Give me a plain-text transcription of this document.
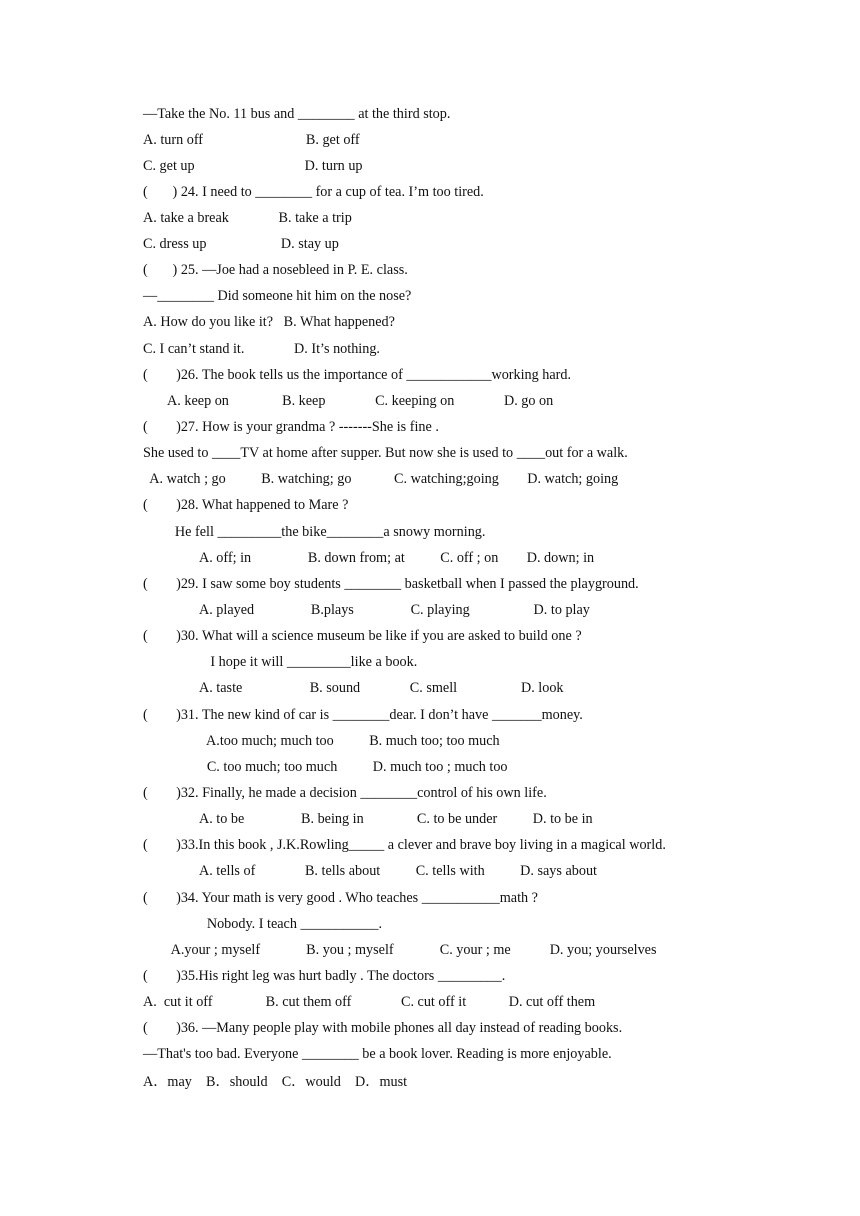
—Take the No. 11 bus and ________ at the third stop.
A. turn off                             B. get off
C. get up                               D. turn up
(       ) 24. I need to ________ for a cup of tea. I’m too tired.
A. take a break              B. take a trip
C. dress up                     D. stay up
(       ) 25. —Joe had a nosebleed in P. E. class.
—________ Did someone hit him on the nose?
A. How do you like it?   B. What happened?
C. I can’t stand it.              D. It’s nothing.
(        )26. The book tells us the importance of ____________working hard.
A. keep on               B. keep              C. keeping on              D. go on
(        )27. How is your grandma ? -------She is fine .
She used to ____TV at home after supper. But now she is used to ____out for a walk.
A. watch ; go          B. watching; go            C. watching;going        D. watch; going
(        )28. What happened to Mare ?
He fell _________the bike________a snowy morning.
A. off; in                B. down from; at          C. off ; on        D. down; in
(        )29. I saw some boy students ________ basketball when I passed the playground.
A. played                B.plays                C. playing                  D. to play
(        )30. What will a science museum be like if you are asked to build one ?
I hope it will _________like a book.
A. taste                   B. sound              C. smell                  D. look
(        )31. The new kind of car is ________dear. I don’t have _______money.
A.too much; much too          B. much too; too much
C. too much; too much          D. much too ; much too
(        )32. Finally, he made a decision ________control of his own life.
A. to be                B. being in               C. to be under          D. to be in
(        )33.In this book , J.K.Rowling_____ a clever and brave boy living in a magical world.
A. tells of              B. tells about          C. tells with          D. says about
(        )34. Your math is very good . Who teaches ___________math ?
Nobody. I teach ___________.
A.your ; myself             B. you ; myself             C. your ; me           D. you; yourselves
(        )35.His right leg was hurt badly . The doctors _________.
A.  cut it off               B. cut them off              C. cut off it            D. cut off them
(        )36. —Many people play with mobile phones all day instead of reading books.
—That's too bad. Everyone ________ be a book lover. Reading is more enjoyable.
A．may    B．should    C．would    D．must
